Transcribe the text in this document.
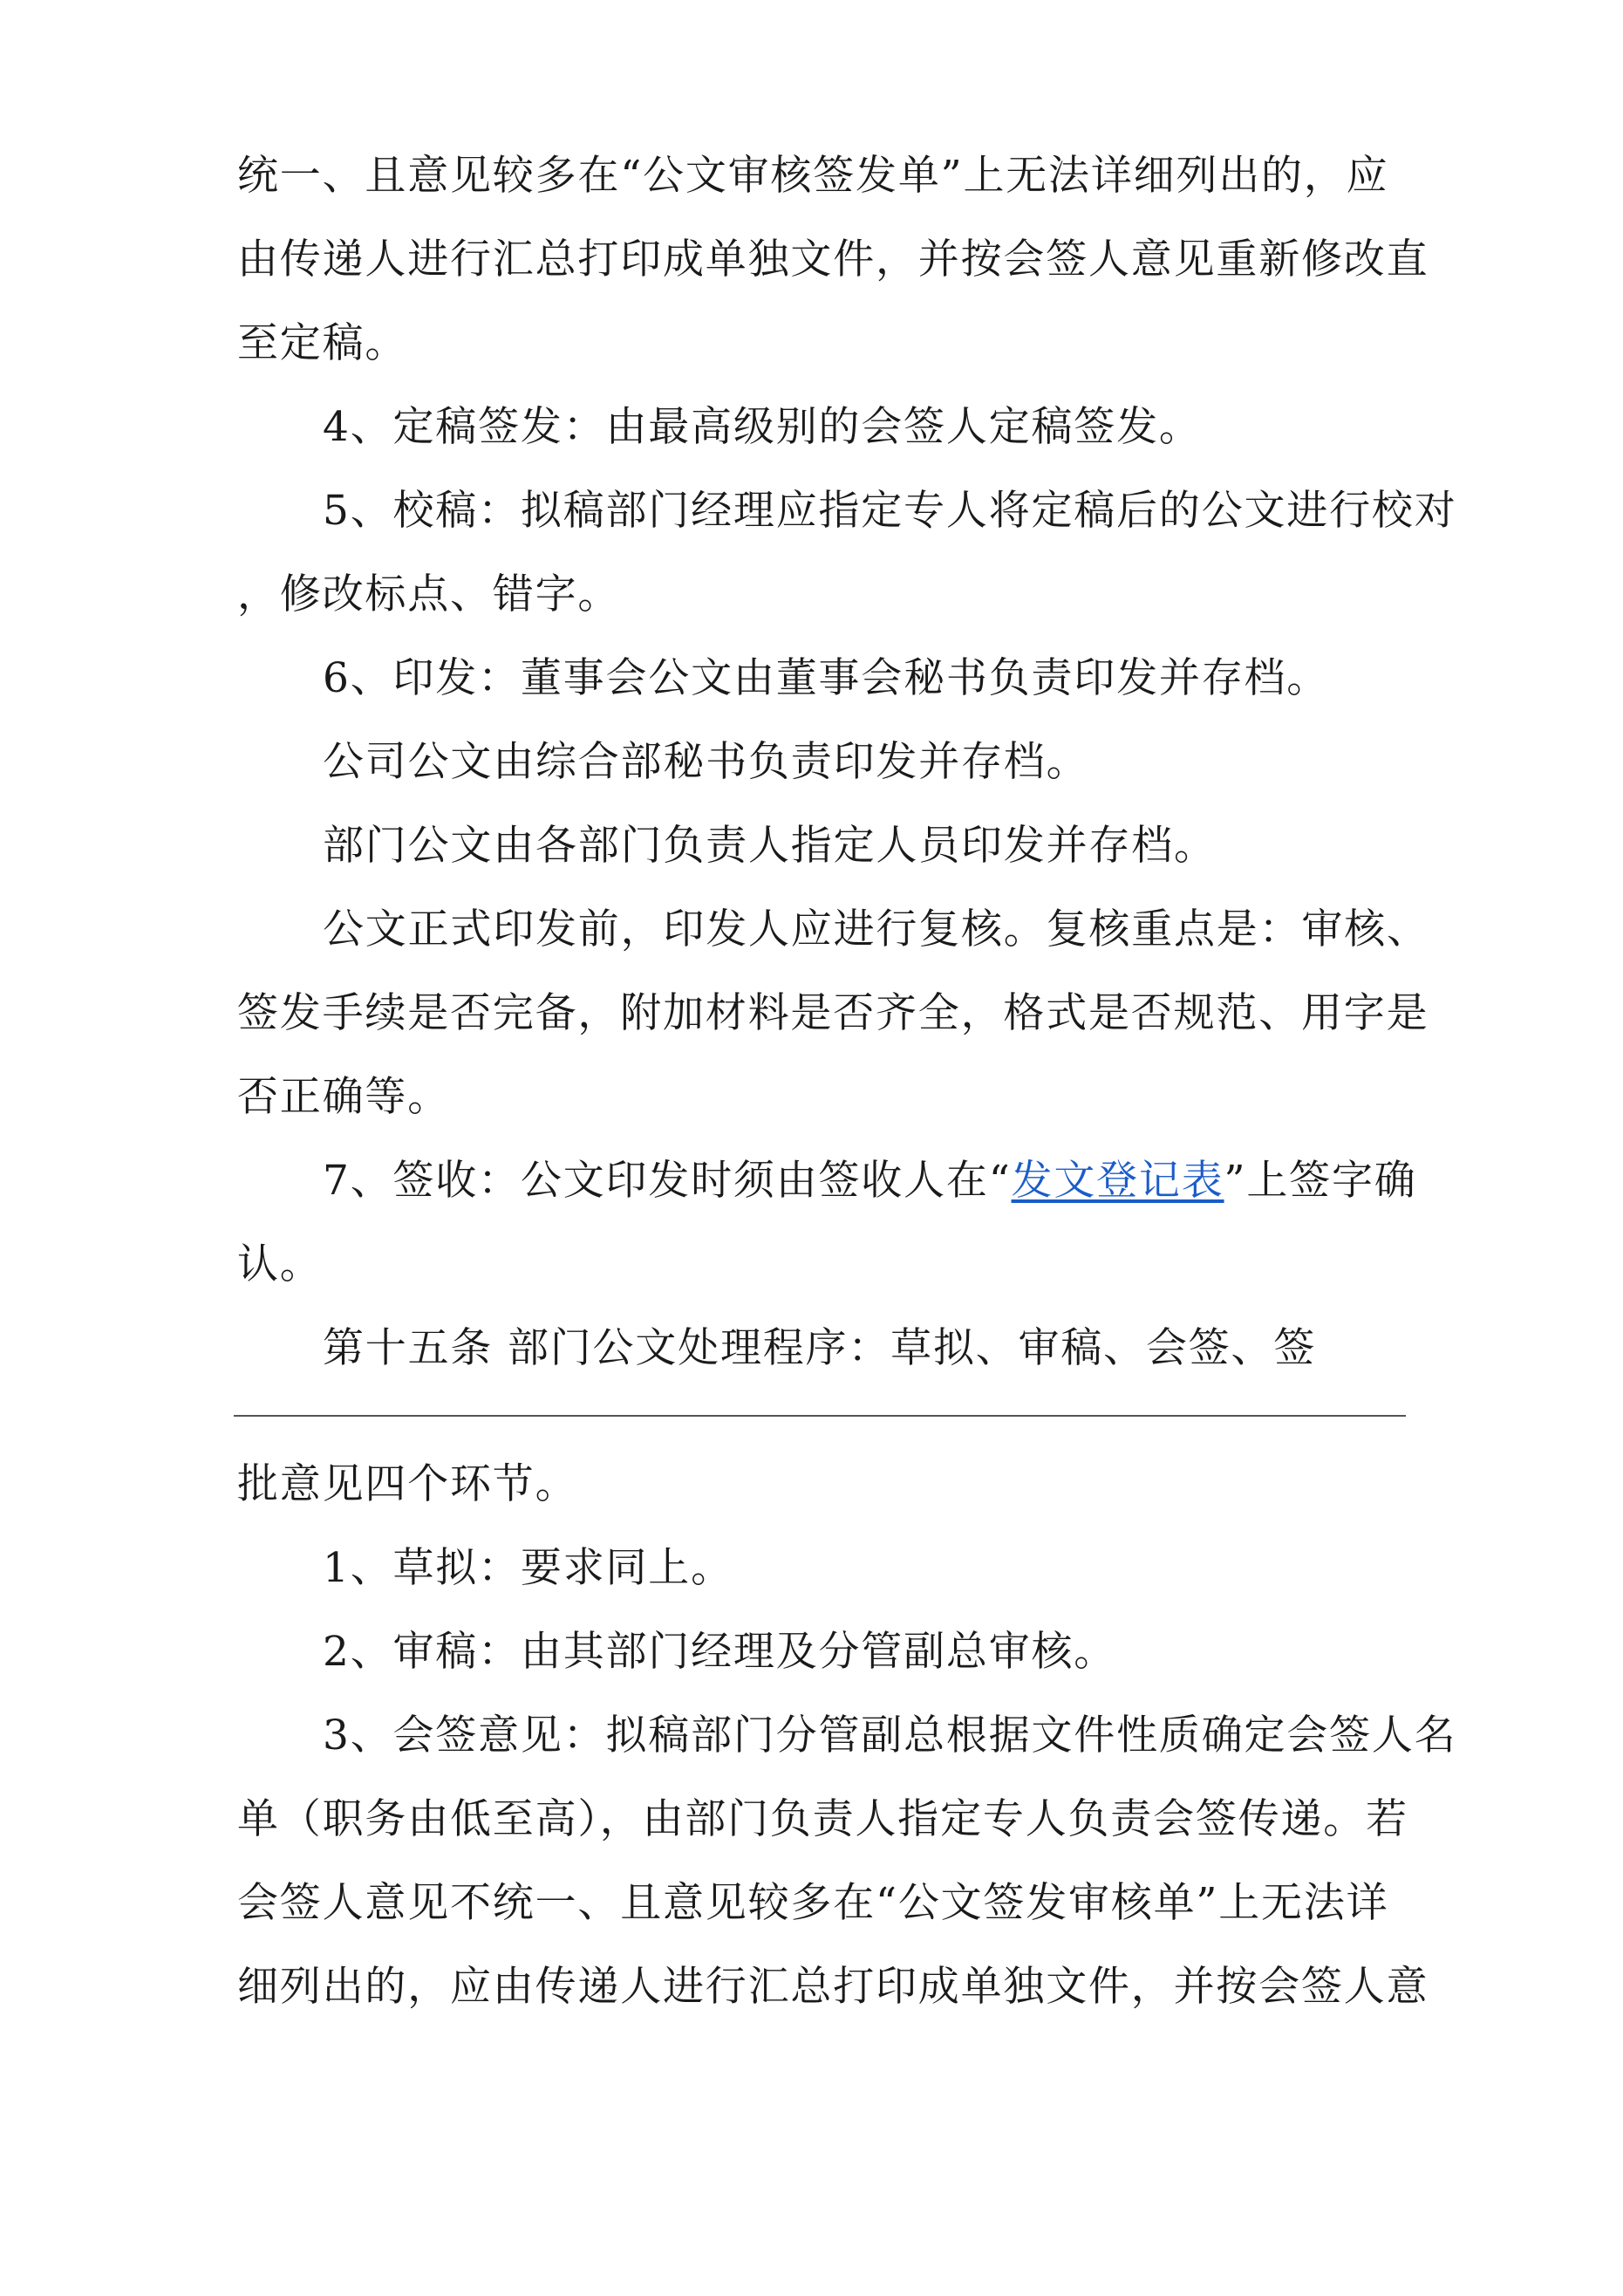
统一、且意见较多在“公文审核签发单”上无法详细列出的，应
由传递人进行汇总打印成单独文件，并按会签人意见重新修改直
至定稿。
4、定稿签发：由最高级别的会签人定稿签发。
5、校稿：拟稿部门经理应指定专人将定稿后的公文进行校对
，修改标点、错字。
6、印发：董事会公文由董事会秘书负责印发并存档。
公司公文由综合部秘书负责印发并存档。
部门公文由各部门负责人指定人员印发并存档。
公文正式印发前，印发人应进行复核。复核重点是：审核、
签发手续是否完备，附加材料是否齐全，格式是否规范、用字是
否正确等。
7、签收：公文印发时须由签收人在“发文登记表”上签字确
认。
第十五条 部门公文处理程序：草拟、审稿、会签、签
批意见四个环节。
1、草拟：要求同上。
2、审稿：由其部门经理及分管副总审核。
3、会签意见：拟稿部门分管副总根据文件性质确定会签人名
单（职务由低至高），由部门负责人指定专人负责会签传递。若
会签人意见不统一、且意见较多在“公文签发审核单”上无法详
细列出的，应由传递人进行汇总打印成单独文件，并按会签人意
